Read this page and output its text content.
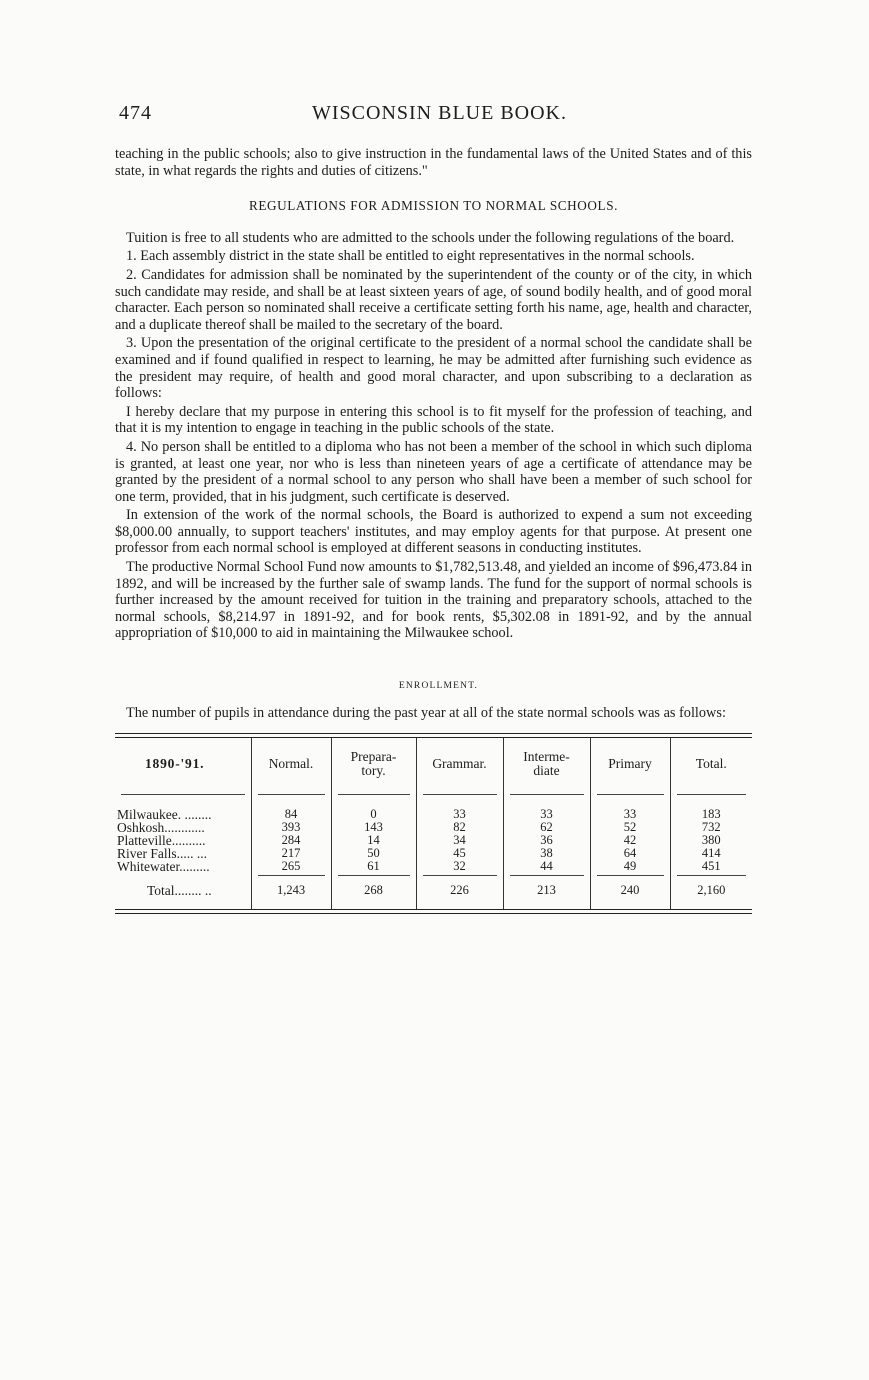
474	WISCONSIN BLUE BOOK.

teaching in the public schools; also to give instruction in the fundamental laws of the United States and of this state, in what regards the rights and duties of citizens."

REGULATIONS FOR ADMISSION TO NORMAL SCHOOLS.

Tuition is free to all students who are admitted to the schools under the following regulations of the board.

1. Each assembly district in the state shall be entitled to eight representatives in the normal schools.

2. Candidates for admission shall be nominated by the superintendent of the county or of the city, in which such candidate may reside, and shall be at least sixteen years of age, of sound bodily health, and of good moral character. Each person so nominated shall receive a certificate setting forth his name, age, health and character, and a duplicate thereof shall be mailed to the secretary of the board.

3. Upon the presentation of the original certificate to the president of a normal school the candidate shall be examined and if found qualified in respect to learning, he may be admitted after furnishing such evidence as the president may require, of health and good moral character, and upon subscribing to a declaration as follows:

I hereby declare that my purpose in entering this school is to fit myself for the profession of teaching, and that it is my intention to engage in teaching in the public schools of the state.

4. No person shall be entitled to a diploma who has not been a member of the school in which such diploma is granted, at least one year, nor who is less than nineteen years of age a certificate of attendance may be granted by the president of a normal school to any person who shall have been a member of such school for one term, provided, that in his judgment, such certificate is deserved.

In extension of the work of the normal schools, the Board is authorized to expend a sum not exceeding $8,000.00 annually, to support teachers' institutes, and may employ agents for that purpose. At present one professor from each normal school is employed at different seasons in conducting institutes.

The productive Normal School Fund now amounts to $1,782,513.48, and yielded an income of $96,473.84 in 1892, and will be increased by the further sale of swamp lands. The fund for the support of normal schools is further increased by the amount received for tuition in the training and preparatory schools, attached to the normal schools, $8,214.97 in 1891-92, and for book rents, $5,302.08 in 1891-92, and by the annual appropriation of $10,000 to aid in maintaining the Milwaukee school.

ENROLLMENT.

The number of pupils in attendance during the past year at all of the state normal schools was as follows:

1890-'91.	Normal.	Prepara-tory.	Grammar.	Interme-diate	Primary	Total.

Milwaukee. ........	84	0	33	33	33	183
Oshkosh............	393	143	82	62	52	732
Platteville..........	284	14	34	36	42	380
River Falls..... ...	217	50	45	38	64	414
Whitewater.........	265	61	32	44	49	451

Total........ ..	1,243	268	226	213	240	2,160
